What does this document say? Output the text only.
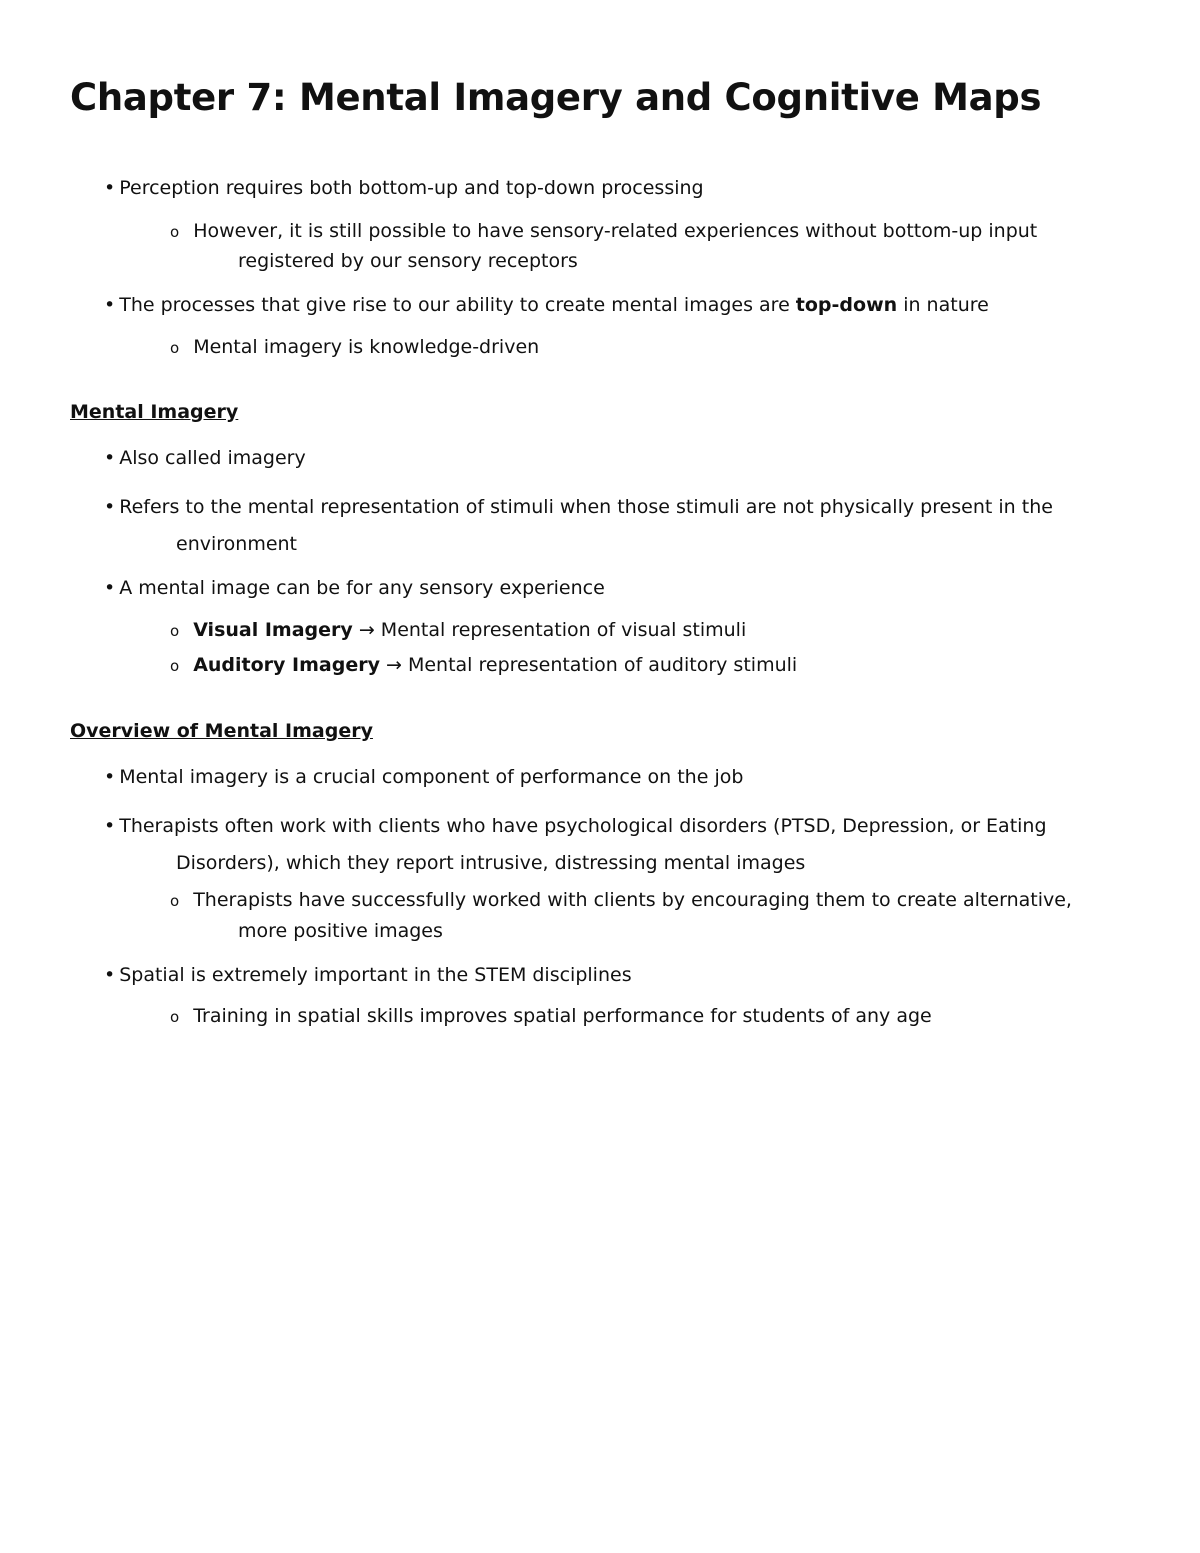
Chapter 7: Mental Imagery and Cognitive Maps
• Perception requires both bottom-up and top-down processing
o However, it is still possible to have sensory-related experiences without bottom-up input
registered by our sensory receptors
• The processes that give rise to our ability to create mental images are top-down in nature
o Mental imagery is knowledge-driven
Mental Imagery
• Also called imagery
• Refers to the mental representation of stimuli when those stimuli are not physically present in the
environment
• A mental image can be for any sensory experience
o Visual Imagery → Mental representation of visual stimuli
o Auditory Imagery → Mental representation of auditory stimuli
Overview of Mental Imagery
• Mental imagery is a crucial component of performance on the job
• Therapists often work with clients who have psychological disorders (PTSD, Depression, or Eating
Disorders), which they report intrusive, distressing mental images
o Therapists have successfully worked with clients by encouraging them to create alternative,
more positive images
• Spatial is extremely important in the STEM disciplines
o Training in spatial skills improves spatial performance for students of any age
